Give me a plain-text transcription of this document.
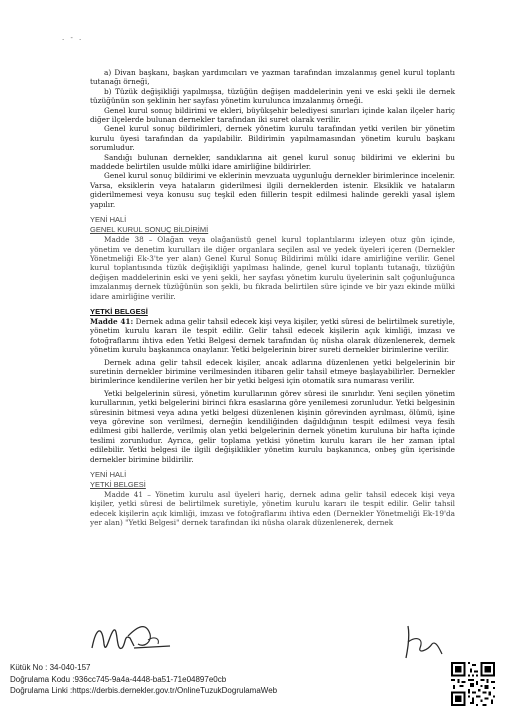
. - .

a) Divan başkanı, başkan yardımcıları ve yazman tarafından imzalanmış genel kurul toplantı tutanağı örneği,

b) Tüzük değişikliği yapılmışsa, tüzüğün değişen maddelerinin yeni ve eski şekli ile dernek tüzüğünün son şeklinin her sayfası yönetim kurulunca imzalanmış örneği.

Genel kurul sonuç bildirimi ve ekleri, büyükşehir belediyesi sınırları içinde kalan ilçeler hariç diğer ilçelerde bulunan dernekler tarafından iki suret olarak verilir.

Genel kurul sonuç bildirimleri, dernek yönetim kurulu tarafından yetki verilen bir yönetim kurulu üyesi tarafından da yapılabilir. Bildirimin yapılmamasından yönetim kurulu başkanı sorumludur.

Sandığı bulunan dernekler, sandıklarına ait genel kurul sonuç bildirimi ve eklerini bu maddede belirtilen usulde mülki idare amirliğine bildirirler.

Genel kurul sonuç bildirimi ve eklerinin mevzuata uygunluğu dernekler birimlerince incelenir. Varsa, eksiklerin veya hataların giderilmesi ilgili derneklerden istenir. Eksiklik ve hataların giderilmemesi veya konusu suç teşkil eden fiillerin tespit edilmesi halinde gerekli yasal işlem yapılır.

YENİ HALİ
GENEL KURUL SONUÇ BİLDİRİMİ

Madde 38 – Olağan veya olağanüstü genel kurul toplantılarını izleyen otuz gün içinde, yönetim ve denetim kurulları ile diğer organlara seçilen asıl ve yedek üyeleri içeren (Dernekler Yönetmeliği Ek-3'te yer alan) Genel Kurul Sonuç Bildirimi mülki idare amirliğine verilir. Genel kurul toplantısında tüzük değişikliği yapılması halinde, genel kurul toplantı tutanağı, tüzüğün değişen maddelerinin eski ve yeni şekli, her sayfası yönetim kurulu üyelerinin salt çoğunluğunca imzalanmış dernek tüzüğünün son şekli, bu fıkrada belirtilen süre içinde ve bir yazı ekinde mülki idare amirliğine verilir.

YETKİ BELGESİ

Madde 41: Dernek adına gelir tahsil edecek kişi veya kişiler, yetki süresi de belirtilmek suretiyle, yönetim kurulu kararı ile tespit edilir. Gelir tahsil edecek kişilerin açık kimliği, imzası ve fotoğraflarını ihtiva eden Yetki Belgesi dernek tarafından üç nüsha olarak düzenlenerek, dernek yönetim kurulu başkanınca onaylanır. Yetki belgelerinin birer sureti dernekler birimlerine verilir.

Dernek adına gelir tahsil edecek kişiler, ancak adlarına düzenlenen yetki belgelerinin bir suretinin dernekler birimine verilmesinden itibaren gelir tahsil etmeye başlayabilirler. Dernekler birimlerince kendilerine verilen her bir yetki belgesi için otomatik sıra numarası verilir.

Yetki belgelerinin süresi, yönetim kurullarının görev süresi ile sınırlıdır. Yeni seçilen yönetim kurullarının, yetki belgelerini birinci fıkra esaslarına göre yenilemesi zorunludur. Yetki belgesinin süresinin bitmesi veya adına yetki belgesi düzenlenen kişinin görevinden ayrılması, ölümü, işine veya görevine son verilmesi, derneğin kendiliğinden dağıldığının tespit edilmesi veya fesih edilmesi gibi hallerde, verilmiş olan yetki belgelerinin dernek yönetim kuruluna bir hafta içinde teslimi zorunludur. Ayrıca, gelir toplama yetkisi yönetim kurulu kararı ile her zaman iptal edilebilir. Yetki belgesi ile ilgili değişiklikler yönetim kurulu başkanınca, onbeş gün içerisinde dernekler birimine bildirilir.

YENİ HALİ
YETKİ BELGESİ

Madde 41 – Yönetim kurulu asıl üyeleri hariç, dernek adına gelir tahsil edecek kişi veya kişiler, yetki süresi de belirtilmek suretiyle, yönetim kurulu kararı ile tespit edilir. Gelir tahsil edecek kişilerin açık kimliği, imzası ve fotoğraflarını ihtiva eden (Dernekler Yönetmeliği Ek-19'da yer alan) "Yetki Belgesi" dernek tarafından iki nüsha olarak düzenlenerek, dernek

Kütük No : 34-040-157
Doğrulama Kodu :936cc745-9a4a-4448-ba51-71e04897e0cb
Doğrulama Linki :https://derbis.dernekler.gov.tr/OnlineTuzukDogrulamaWeb
